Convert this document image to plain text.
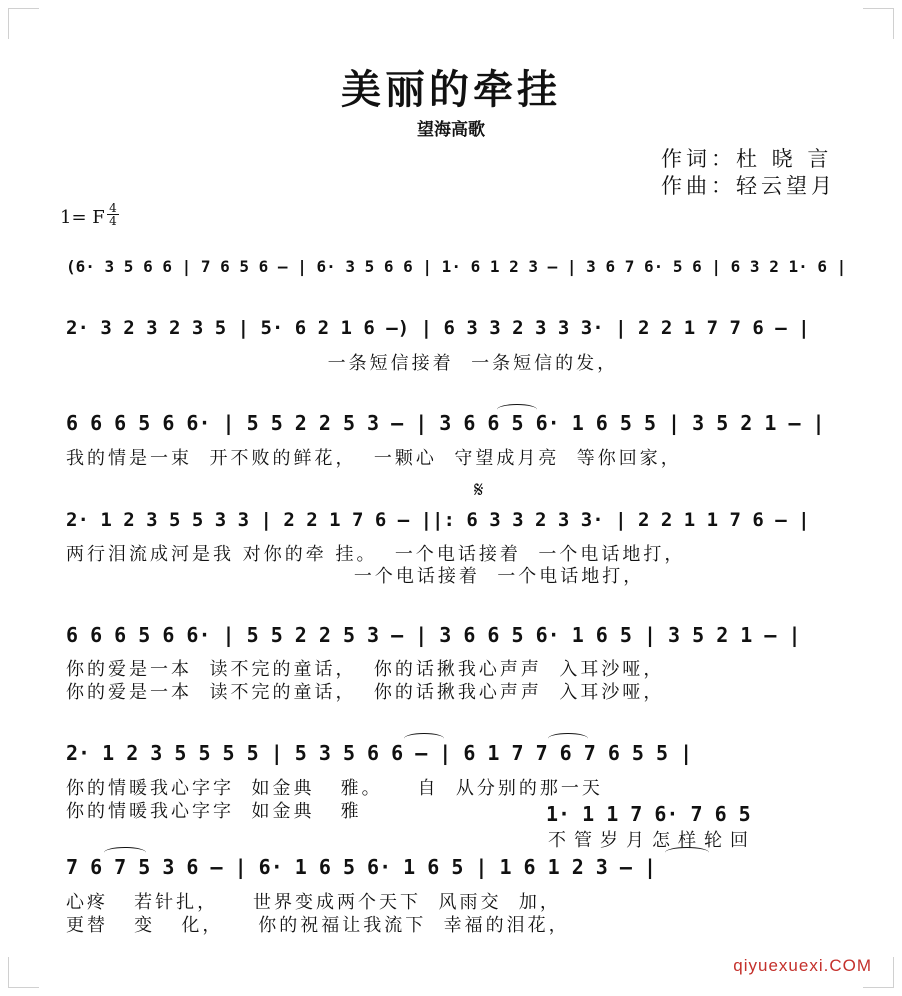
美丽的牵挂
望海高歌
作词：杜 晓 言
作曲：轻云望月
1= F $\frac{4}{4}$
(6· 3 5 6 6 | 7 6 5 6 – | 6· 3 5 6 6 | 1· 6 1 2 3 – | 3 6 7 6· 5 6 | 6 3 2 1· 6 |
2· 3 2 3 2 3 5 | 5· 6 2 1 6 –) | 6 3 3 2 3 3 3· | 2 2 1 7 7 6 – |
6 6 6 5 6 6· | 5 5 2 2 5 3 – | 3 6 6 5 6· 1 6 5 5 | 3 5 2 1 – |
2· 1 2 3 5 5 3 3 | 2 2 1 7 6 – ||: 6 3 3 2 3 3· | 2 2 1 1 7 6 – |
6 6 6 5 6 6· | 5 5 2 2 5 3 – | 3 6 6 5 6· 1 6 5 | 3 5 2 1 – |
2· 1 2 3 5 5 5 5 | 5 3 5 6 6 – | 6 1 7 7 6 7 6 5 5 |
7 6 7 5 3 6 – | 6· 1 6 5 6· 1 6 5 | 1 6 1 2 3 – |
𝄋
一条短信接着  一条短信的发，
我的情是一束  开不败的鲜花，  一颗心  守望成月亮  等你回家，
两行泪流成河是我 对你的牵 挂。  一个电话接着  一个电话地打，
一个电话接着  一个电话地打，
你的爱是一本  读不完的童话，  你的话揪我心声声  入耳沙哑，
你的爱是一本  读不完的童话，  你的话揪我心声声  入耳沙哑，
你的情暖我心字字  如金典   雅。    自  从分别的那一天
你的情暖我心字字  如金典   雅
心疼   若针扎，    世界变成两个天下  风雨交  加，
更替   变   化，    你的祝福让我流下  幸福的泪花，
1· 1 1 7 6· 7 6 5
不管岁月怎样轮回
qiyuexuexi.COM
